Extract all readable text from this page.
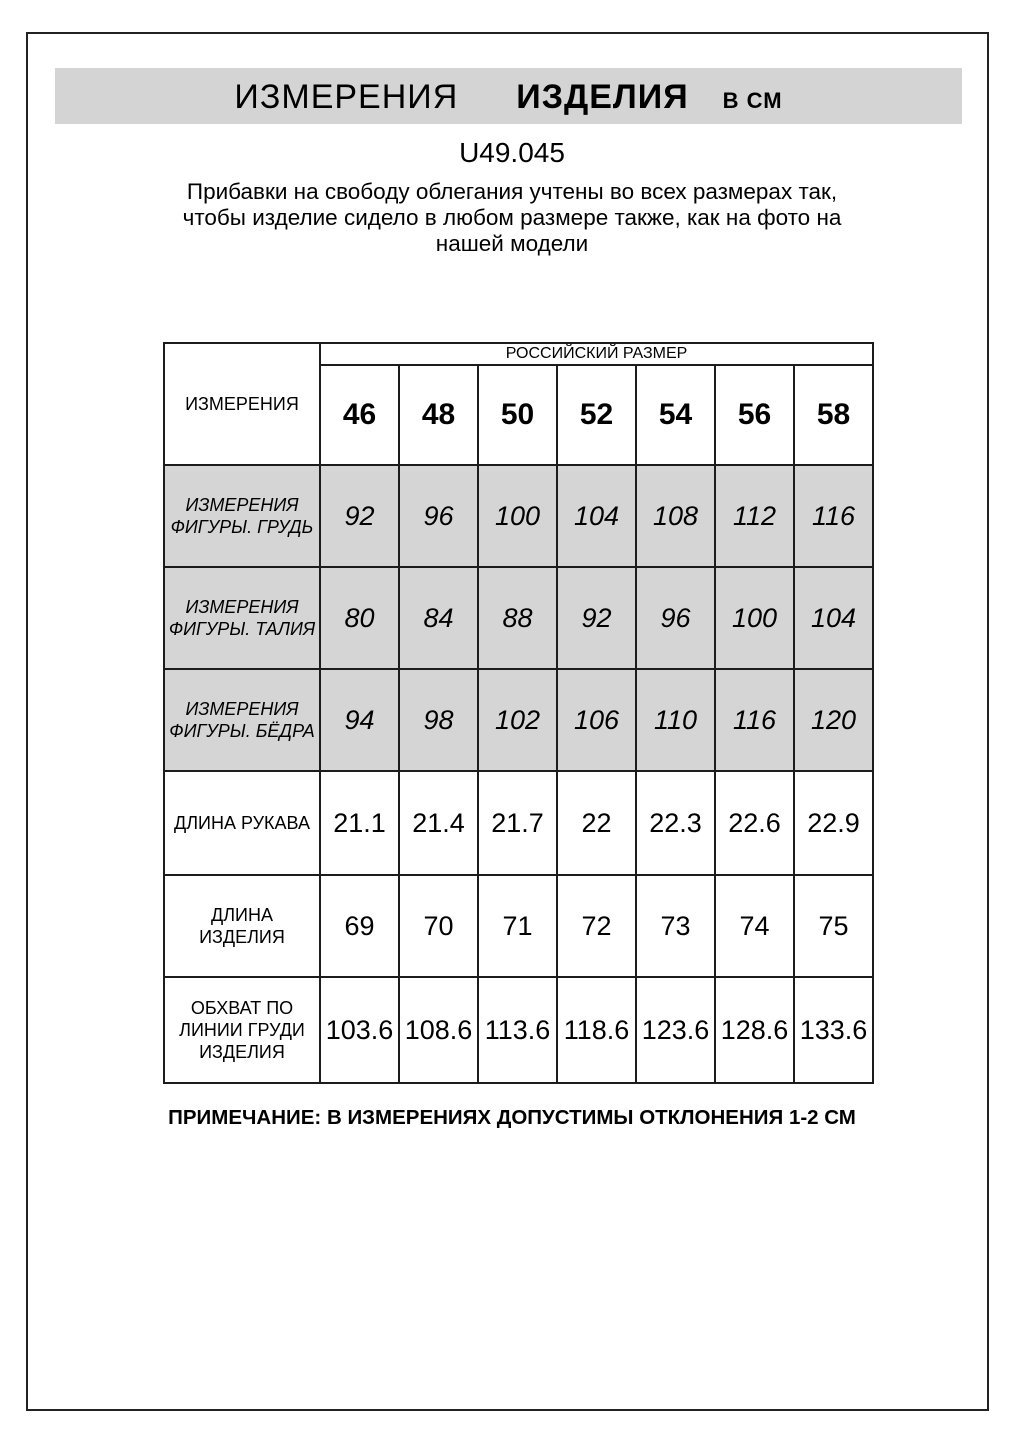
ИЗМЕРЕНИЯ ИЗДЕЛИЯ В СМ
U49.045

Прибавки на свободу облегания учтены во всех размерах так, чтобы изделие сидело в любом размере также, как на фото на нашей модели

ИЗМЕРЕНИЯ	РОССИЙСКИЙ РАЗМЕР						
	46	48	50	52	54	56	58
ИЗМЕРЕНИЯ ФИГУРЫ. ГРУДЬ	92	96	100	104	108	112	116
ИЗМЕРЕНИЯ ФИГУРЫ. ТАЛИЯ	80	84	88	92	96	100	104
ИЗМЕРЕНИЯ ФИГУРЫ. БЁДРА	94	98	102	106	110	116	120
ДЛИНА РУКАВА	21.1	21.4	21.7	22	22.3	22.6	22.9
ДЛИНА ИЗДЕЛИЯ	69	70	71	72	73	74	75
ОБХВАТ ПО ЛИНИИ ГРУДИ ИЗДЕЛИЯ	103.6	108.6	113.6	118.6	123.6	128.6	133.6
ПРИМЕЧАНИЕ: В ИЗМЕРЕНИЯХ ДОПУСТИМЫ ОТКЛОНЕНИЯ 1-2 СМ
